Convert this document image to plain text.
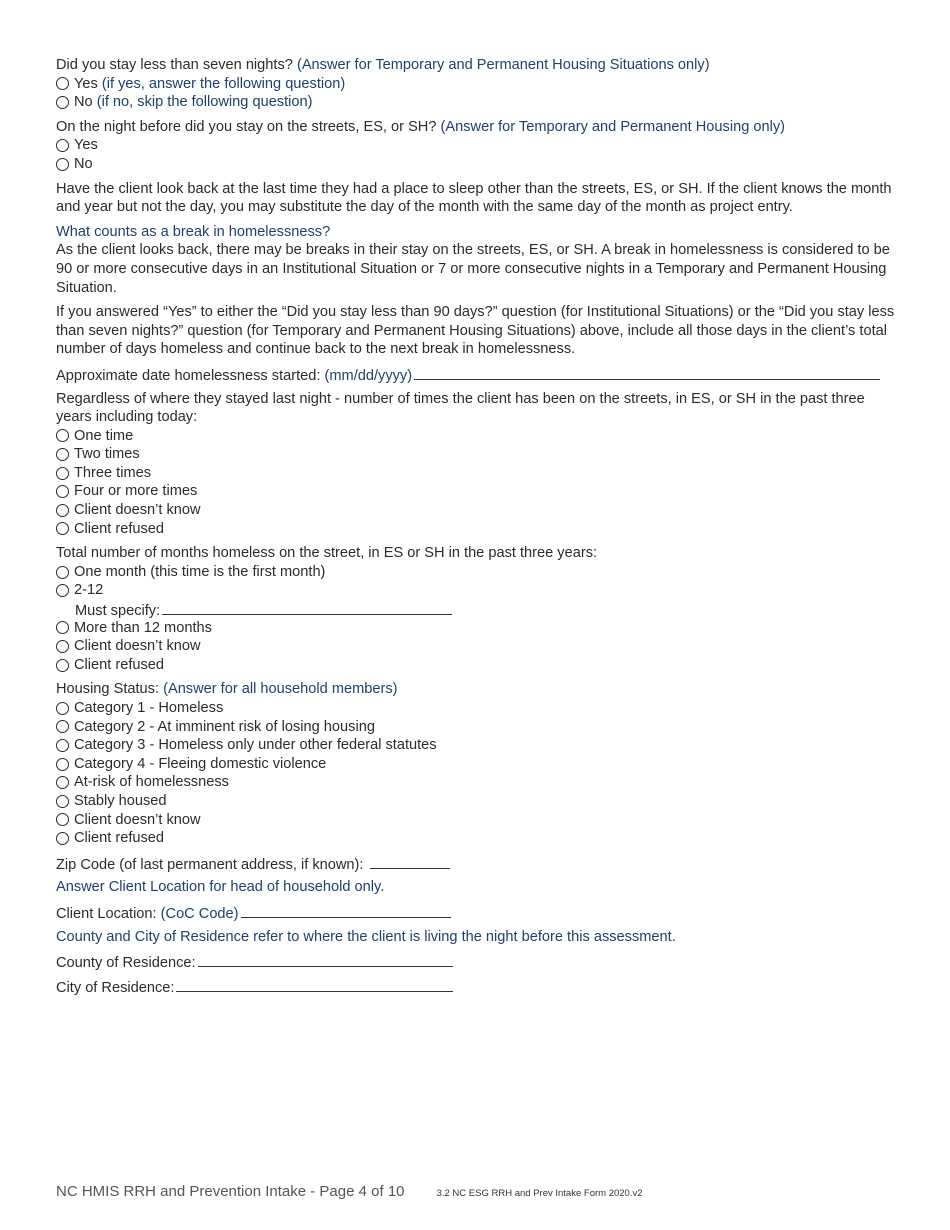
Did you stay less than seven nights? (Answer for Temporary and Permanent Housing Situations only)
Yes
(if yes, answer the following question)
No
(if no, skip the following question)
On the night before did you stay on the streets, ES, or SH? (Answer for Temporary and Permanent Housing only)
Yes
No
Have the client look back at the last time they had a place to sleep other than the streets, ES, or SH. If the client knows the month and year but not the day, you may substitute the day of the month with the same day of the month as project entry.
What counts as a break in homelessness?
As the client looks back, there may be breaks in their stay on the streets, ES, or SH. A break in homelessness is considered to be 90 or more consecutive days in an Institutional Situation or 7 or more consecutive nights in a Temporary and Permanent Housing Situation.
If you answered “Yes” to either the “Did you stay less than 90 days?” question (for Institutional Situations) or the “Did you stay less than seven nights?” question (for Temporary and Permanent Housing Situations) above, include all those days in the client’s total number of days homeless and continue back to the next break in homelessness.
Approximate date homelessness started: (mm/dd/yyyy)
Regardless of where they stayed last night - number of times the client has been on the streets, in ES, or SH in the past three years including today:
One time
Two times
Three times
Four or more times
Client doesn’t know
Client refused
Total number of months homeless on the street, in ES or SH in the past three years:
One month (this time is the first month)
2-12
Must specify:
More than 12 months
Client doesn’t know
Client refused
Housing Status: (Answer for all household members)
Category 1 - Homeless
Category 2 - At imminent risk of losing housing
Category 3 - Homeless only under other federal statutes
Category 4 - Fleeing domestic violence
At-risk of homelessness
Stably housed
Client doesn’t know
Client refused
Zip Code (of last permanent address, if known):
Answer Client Location for head of household only.
Client Location: (CoC Code)
County and City of Residence refer to where the client is living the night before this assessment.
County of Residence:
City of Residence:
NC HMIS RRH and Prevention Intake - Page 4 of 10	3.2 NC ESG RRH and Prev Intake Form 2020.v2
